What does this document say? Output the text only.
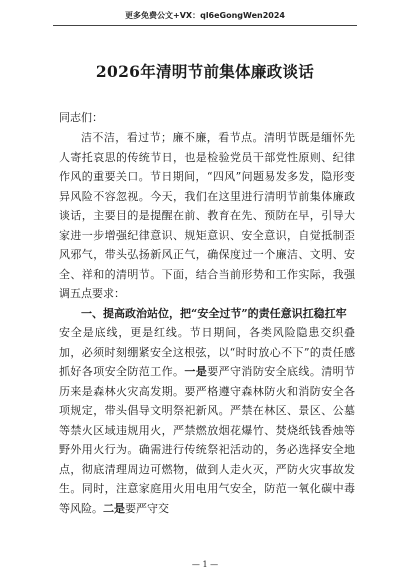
更多免费公文+VX：ql6eGongWen2024
2026年清明节前集体廉政谈话
同志们：

洁不洁，看过节；廉不廉，看节点。清明节既是缅怀先人寄托哀思的传统节日，也是检验党员干部党性原则、纪律作风的重要关口。节日期间，“四风”问题易发多发，隐形变异风险不容忽视。今天，我们在这里进行清明节前集体廉政谈话，主要目的是提醒在前、教育在先、预防在早，引导大家进一步增强纪律意识、规矩意识、安全意识，自觉抵制歪风邪气，带头弘扬新风正气，确保度过一个廉洁、文明、安全、祥和的清明节。下面，结合当前形势和工作实际，我强调五点要求：

一、提高政治站位，把“安全过节”的责任意识扛稳扛牢

安全是底线，更是红线。节日期间，各类风险隐患交织叠加，必须时刻绷紧安全这根弦，以“时时放心不下”的责任感抓好各项安全防范工作。一是要严守消防安全底线。清明节历来是森林火灾高发期。要严格遵守森林防火和消防安全各项规定，带头倡导文明祭祀新风。严禁在林区、景区、公墓等禁火区域违规用火，严禁燃放烟花爆竹、焚烧纸钱香烛等野外用火行为。确需进行传统祭祀活动的，务必选择安全地点，彻底清理周边可燃物，做到人走火灭，严防火灾事故发生。同时，注意家庭用火用电用气安全，防范一氧化碳中毒等风险。二是要严守交

— 1 —
